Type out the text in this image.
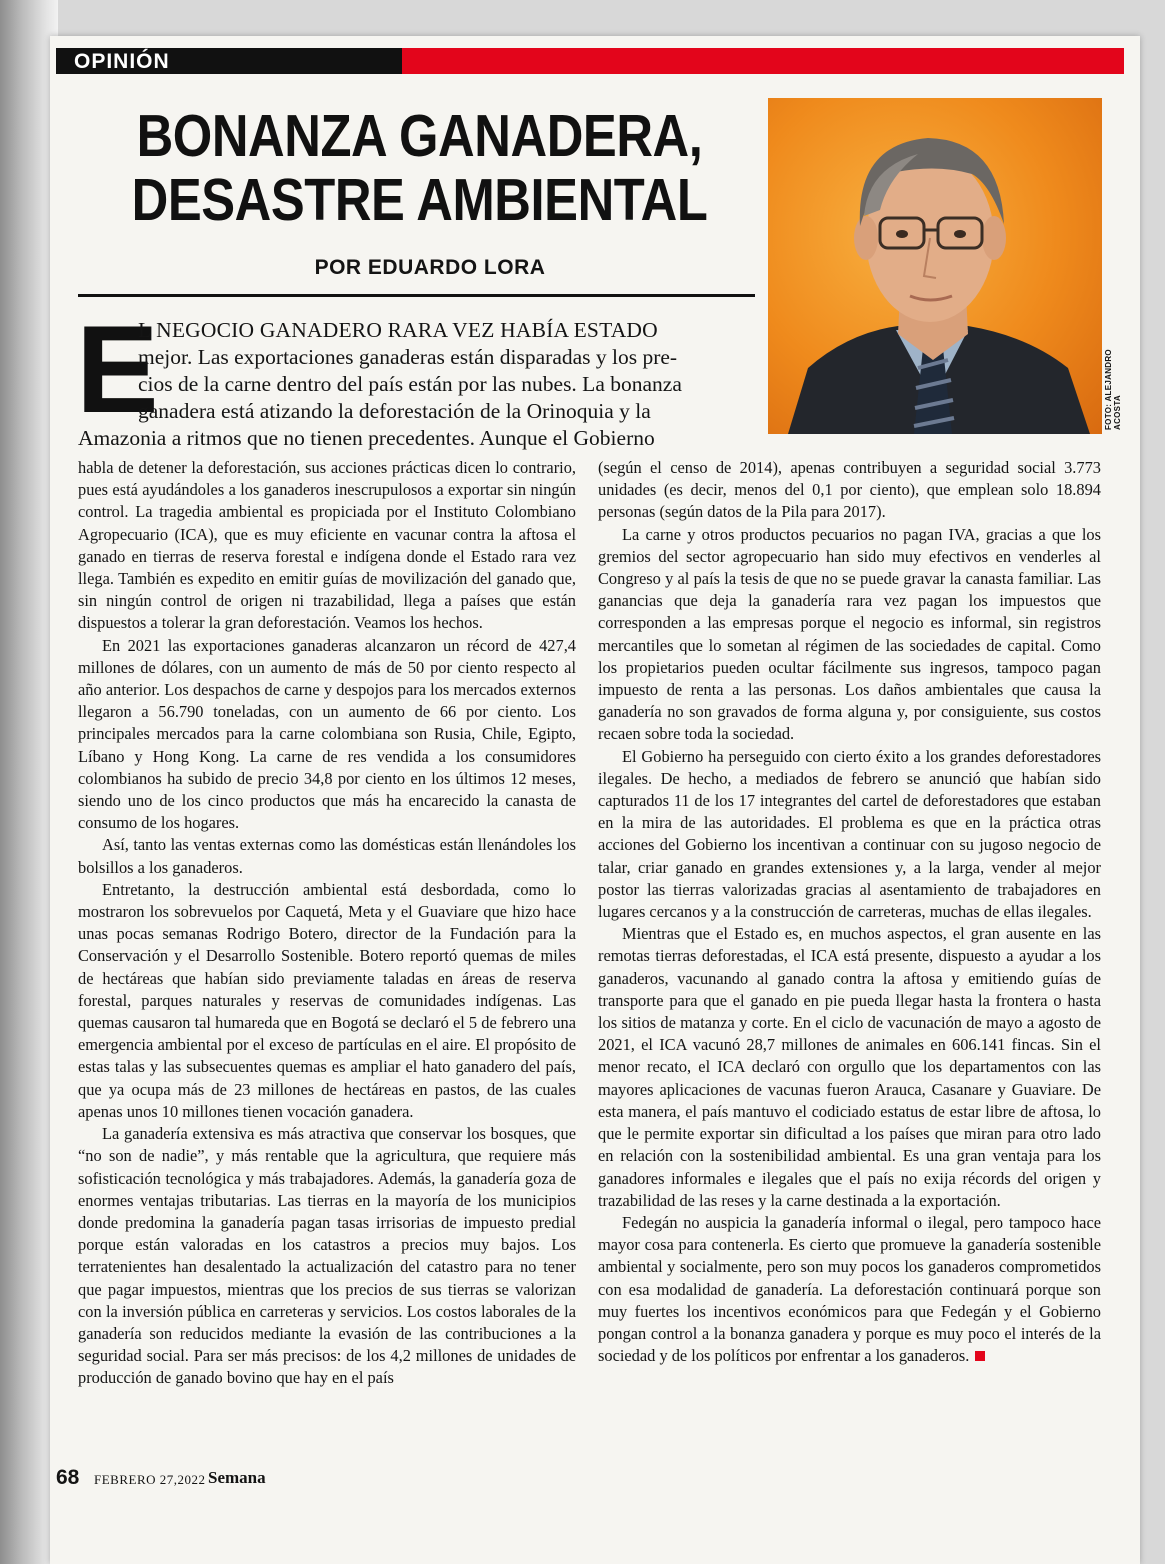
OPINIÓN
BONANZA GANADERA,
DESASTRE AMBIENTAL
POR EDUARDO LORA
FOTO: ALEJANDRO ACOSTA
E
L NEGOCIO GANADERO RARA VEZ HABÍA ESTADO
mejor. Las exportaciones ganaderas están disparadas y los pre-
cios de la carne dentro del país están por las nubes. La bonanza
ganadera está atizando la deforestación de la Orinoquia y la
Amazonia a ritmos que no tienen precedentes. Aunque el Gobierno

habla de detener la deforestación, sus acciones prácticas dicen lo contrario, pues está ayudándoles a los ganaderos inescrupulosos a exportar sin ningún control. La tragedia ambiental es propiciada por el Instituto Colombiano Agropecuario (ICA), que es muy eficiente en vacunar contra la aftosa el ganado en tierras de reserva forestal e indígena donde el Estado rara vez llega. También es expedito en emitir guías de movilización del ganado que, sin ningún control de origen ni trazabilidad, llega a países que están dispuestos a tolerar la gran deforestación. Veamos los hechos.

En 2021 las exportaciones ganaderas alcanzaron un récord de 427,4 millones de dólares, con un aumento de más de 50 por ciento respecto al año anterior. Los despachos de carne y despojos para los mercados externos llegaron a 56.790 toneladas, con un aumento de 66 por ciento. Los principales mercados para la carne colombiana son Rusia, Chile, Egipto, Líbano y Hong Kong. La carne de res vendida a los consumidores colombianos ha subido de precio 34,8 por ciento en los últimos 12 meses, siendo uno de los cinco productos que más ha encarecido la canasta de consumo de los hogares.

Así, tanto las ventas externas como las domésticas están llenándoles los bolsillos a los ganaderos.

Entretanto, la destrucción ambiental está desbordada, como lo mostraron los sobrevuelos por Caquetá, Meta y el Guaviare que hizo hace unas pocas semanas Rodrigo Botero, director de la Fundación para la Conservación y el Desarrollo Sostenible. Botero reportó quemas de miles de hectáreas que habían sido previamente taladas en áreas de reserva forestal, parques naturales y reservas de comunidades indígenas. Las quemas causaron tal humareda que en Bogotá se declaró el 5 de febrero una emergencia ambiental por el exceso de partículas en el aire. El propósito de estas talas y las subsecuentes quemas es ampliar el hato ganadero del país, que ya ocupa más de 23 millones de hectáreas en pastos, de las cuales apenas unos 10 millones tienen vocación ganadera.

La ganadería extensiva es más atractiva que conservar los bosques, que “no son de nadie”, y más rentable que la agricultura, que requiere más sofisticación tecnológica y más trabajadores. Además, la ganadería goza de enormes ventajas tributarias. Las tierras en la mayoría de los municipios donde predomina la ganadería pagan tasas irrisorias de impuesto predial porque están valoradas en los catastros a precios muy bajos. Los terratenientes han desalentado la actualización del catastro para no tener que pagar impuestos, mientras que los precios de sus tierras se valorizan con la inversión pública en carreteras y servicios. Los costos laborales de la ganadería son reducidos mediante la evasión de las contribuciones a la seguridad social. Para ser más precisos: de los 4,2 millones de unidades de producción de ganado bovino que hay en el país

(según el censo de 2014), apenas contribuyen a seguridad social 3.773 unidades (es decir, menos del 0,1 por ciento), que emplean solo 18.894 personas (según datos de la Pila para 2017).

La carne y otros productos pecuarios no pagan IVA, gracias a que los gremios del sector agropecuario han sido muy efectivos en venderles al Congreso y al país la tesis de que no se puede gravar la canasta familiar. Las ganancias que deja la ganadería rara vez pagan los impuestos que corresponden a las empresas porque el negocio es informal, sin registros mercantiles que lo sometan al régimen de las sociedades de capital. Como los propietarios pueden ocultar fácilmente sus ingresos, tampoco pagan impuesto de renta a las personas. Los daños ambientales que causa la ganadería no son gravados de forma alguna y, por consiguiente, sus costos recaen sobre toda la sociedad.

El Gobierno ha perseguido con cierto éxito a los grandes deforestadores ilegales. De hecho, a mediados de febrero se anunció que habían sido capturados 11 de los 17 integrantes del cartel de deforestadores que estaban en la mira de las autoridades. El problema es que en la práctica otras acciones del Gobierno los incentivan a continuar con su jugoso negocio de talar, criar ganado en grandes extensiones y, a la larga, vender al mejor postor las tierras valorizadas gracias al asentamiento de trabajadores en lugares cercanos y a la construcción de carreteras, muchas de ellas ilegales.

Mientras que el Estado es, en muchos aspectos, el gran ausente en las remotas tierras deforestadas, el ICA está presente, dispuesto a ayudar a los ganaderos, vacunando al ganado contra la aftosa y emitiendo guías de transporte para que el ganado en pie pueda llegar hasta la frontera o hasta los sitios de matanza y corte. En el ciclo de vacunación de mayo a agosto de 2021, el ICA vacunó 28,7 millones de animales en 606.141 fincas. Sin el menor recato, el ICA declaró con orgullo que los departamentos con las mayores aplicaciones de vacunas fueron Arauca, Casanare y Guaviare. De esta manera, el país mantuvo el codiciado estatus de estar libre de aftosa, lo que le permite exportar sin dificultad a los países que miran para otro lado en relación con la sostenibilidad ambiental. Es una gran ventaja para los ganadores informales e ilegales que el país no exija récords del origen y trazabilidad de las reses y la carne destinada a la exportación.

Fedegán no auspicia la ganadería informal o ilegal, pero tampoco hace mayor cosa para contenerla. Es cierto que promueve la ganadería sostenible ambiental y socialmente, pero son muy pocos los ganaderos comprometidos con esa modalidad de ganadería. La deforestación continuará porque son muy fuertes los incentivos económicos para que Fedegán y el Gobierno pongan control a la bonanza ganadera y porque es muy poco el interés de la sociedad y de los políticos por enfrentar a los ganaderos.

68 FEBRERO 27,2022 Semana
